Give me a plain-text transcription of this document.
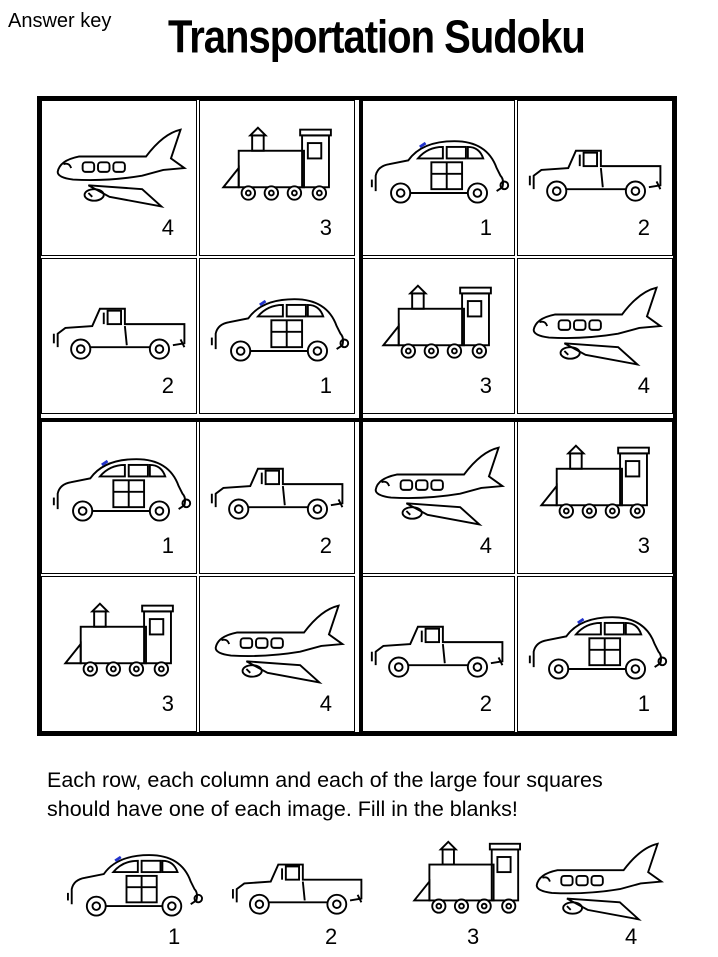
Answer key Transportation Sudoku
4	3	1	2
2	1	3	4
1	2	4	3
3	4	2	1
Each row, each column and each of the large four squares
should have one of each image. Fill in the blanks!
1	2	3	4
